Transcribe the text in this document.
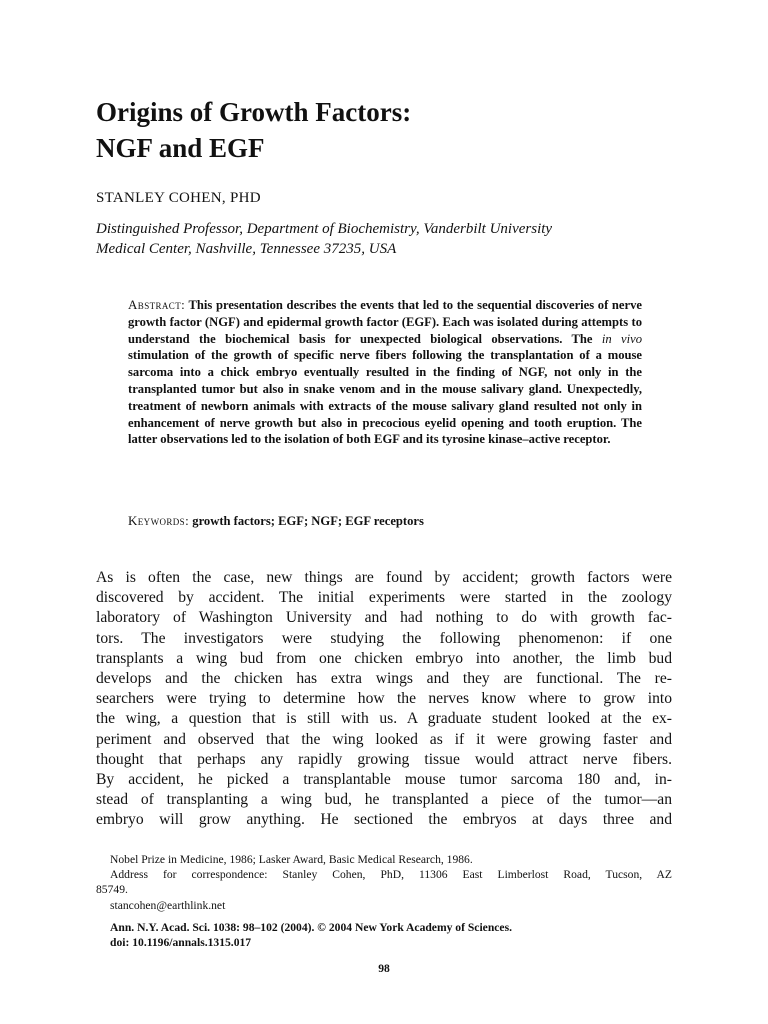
Origins of Growth Factors:
NGF and EGF

STANLEY COHEN, PHD

Distinguished Professor, Department of Biochemistry, Vanderbilt University
Medical Center, Nashville, Tennessee 37235, USA

Abstract: This presentation describes the events that led to the sequential discoveries of nerve growth factor (NGF) and epidermal growth factor (EGF). Each was isolated during attempts to understand the biochemical basis for unexpected biological observations. The in vivo stimulation of the growth of specific nerve fibers following the transplantation of a mouse sarcoma into a chick embryo eventually resulted in the finding of NGF, not only in the transplanted tumor but also in snake venom and in the mouse salivary gland. Unexpectedly, treatment of newborn animals with extracts of the mouse salivary gland resulted not only in enhancement of nerve growth but also in precocious eyelid opening and tooth eruption. The latter observations led to the isolation of both EGF and its tyrosine kinase–active receptor.

Keywords: growth factors; EGF; NGF; EGF receptors

As is often the case, new things are found by accident; growth factors were
discovered by accident. The initial experiments were started in the zoology
laboratory of Washington University and had nothing to do with growth fac-
tors. The investigators were studying the following phenomenon: if one
transplants a wing bud from one chicken embryo into another, the limb bud
develops and the chicken has extra wings and they are functional. The re-
searchers were trying to determine how the nerves know where to grow into
the wing, a question that is still with us. A graduate student looked at the ex-
periment and observed that the wing looked as if it were growing faster and
thought that perhaps any rapidly growing tissue would attract nerve fibers.
By accident, he picked a transplantable mouse tumor sarcoma 180 and, in-
stead of transplanting a wing bud, he transplanted a piece of the tumor—an
embryo will grow anything. He sectioned the embryos at days three and
Nobel Prize in Medicine, 1986; Lasker Award, Basic Medical Research, 1986.
Address for correspondence: Stanley Cohen, PhD, 11306 East Limberlost Road, Tucson, AZ
85749.
stancohen@earthlink.net
Ann. N.Y. Acad. Sci. 1038: 98–102 (2004). © 2004 New York Academy of Sciences.
doi: 10.1196/annals.1315.017

98
